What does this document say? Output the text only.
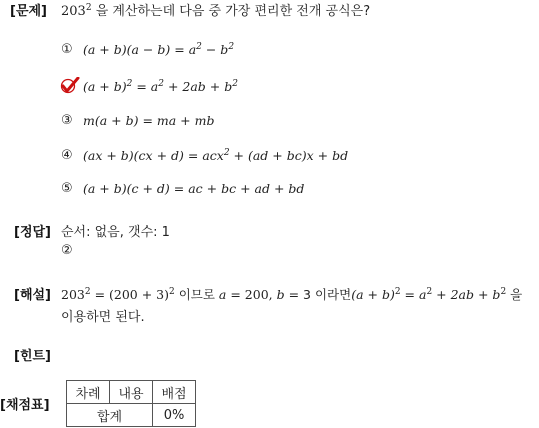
[문제]
[정답]
[해설]
[힌트]
[채점표]
$203^2$ 을 계산하는데 다음 중 가장 편리한 전개 공식은?
① $(a + b)(a - b) = a^2 - b^2$
$(a + b)^2 = a^2 + 2ab + b^2$
③ m(a + b) = ma + mb
④ (ax + b)(cx + d) = acx$^2$ + (ad + bc)x + bd
⑤ (a + b)(c + d) = ac + bc + ad + bd
순서: 없음, 갯수: 1
②
$203^2 = (200 + 3)^2$ 이므로 a = 200, b = 3 이라면$(a + b)^2 = a^2 + 2ab + b^2$ 을
이용하면 된다.
차례	내용	배점
합계		0%
